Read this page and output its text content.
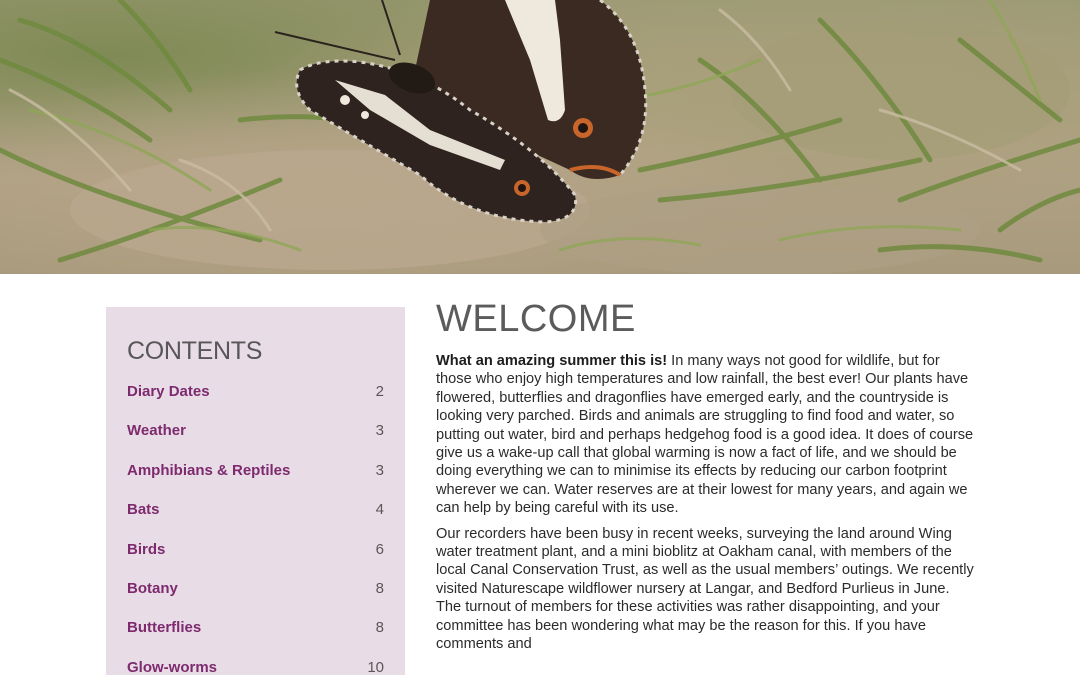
CONTENTS
Diary Dates	2
Weather	3
Amphibians & Reptiles	3
Bats	4
Birds	6
Botany	8
Butterflies	8
Glow-worms	10
WELCOME

What an amazing summer this is! In many ways not good for wildlife, but for those who enjoy high temperatures and low rainfall, the best ever! Our plants have flowered, butterflies and dragonflies have emerged early, and the countryside is looking very parched. Birds and animals are struggling to find food and water, so putting out water, bird and perhaps hedgehog food is a good idea. It does of course give us a wake-up call that global warming is now a fact of life, and we should be doing everything we can to minimise its effects by reducing our carbon footprint wherever we can. Water reserves are at their lowest for many years, and again we can help by being careful with its use.

Our recorders have been busy in recent weeks, surveying the land around Wing water treatment plant, and a mini bioblitz at Oakham canal, with members of the local Canal Conservation Trust, as well as the usual members’ outings. We recently visited Naturescape wildflower nursery at Langar, and Bedford Purlieus in June. The turnout of members for these activities was rather disappointing, and your committee has been wondering what may be the reason for this. If you have comments and
